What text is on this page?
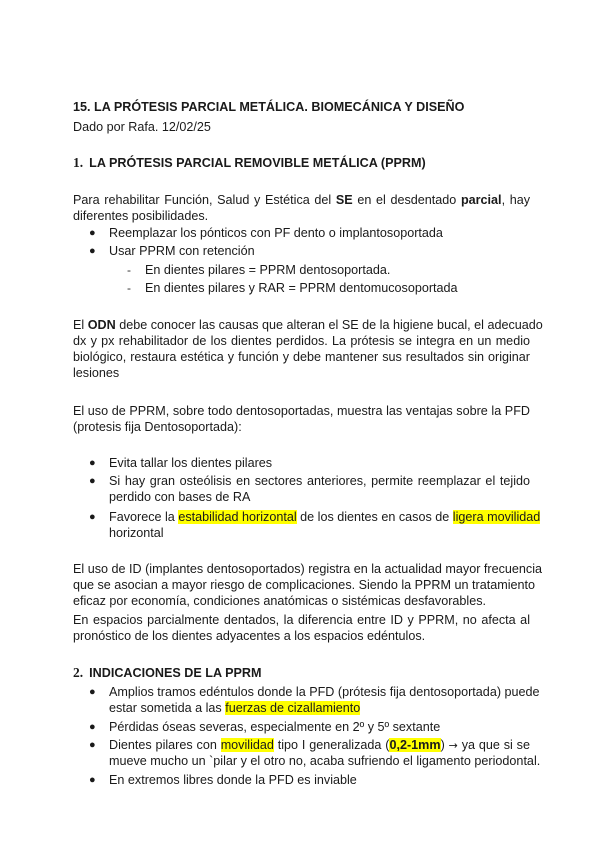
15. LA PRÓTESIS PARCIAL METÁLICA. BIOMECÁNICA Y DISEÑO
Dado por Rafa. 12/02/25
1. LA PRÓTESIS PARCIAL REMOVIBLE METÁLICA (PPRM)
Para rehabilitar Función, Salud y Estética del SE en el desdentado parcial, hay
diferentes posibilidades.
● Reemplazar los pónticos con PF dento o implantosoportada
● Usar PPRM con retención
- En dientes pilares = PPRM dentosoportada.
- En dientes pilares y RAR = PPRM dentomucosoportada
El ODN debe conocer las causas que alteran el SE de la higiene bucal, el adecuado
dx y px rehabilitador de los dientes perdidos. La prótesis se integra en un medio
biológico, restaura estética y función y debe mantener sus resultados sin originar
lesiones
El uso de PPRM, sobre todo dentosoportadas, muestra las ventajas sobre la PFD
(protesis fija Dentosoportada):
● Evita tallar los dientes pilares
● Si hay gran osteólisis en sectores anteriores, permite reemplazar el tejido
perdido con bases de RA
● Favorece la estabilidad horizontal de los dientes en casos de ligera movilidad
horizontal
El uso de ID (implantes dentosoportados) registra en la actualidad mayor frecuencia
que se asocian a mayor riesgo de complicaciones. Siendo la PPRM un tratamiento
eficaz por economía, condiciones anatómicas o sistémicas desfavorables.
En espacios parcialmente dentados, la diferencia entre ID y PPRM, no afecta al
pronóstico de los dientes adyacentes a los espacios edéntulos.
2. INDICACIONES DE LA PPRM
● Amplios tramos edéntulos donde la PFD (prótesis fija dentosoportada) puede
estar sometida a las fuerzas de cizallamiento
● Pérdidas óseas severas, especialmente en 2º y 5º sextante
● Dientes pilares con movilidad tipo I generalizada (0,2-1mm) → ya que si se
mueve mucho un `pilar y el otro no, acaba sufriendo el ligamento periodontal.
● En extremos libres donde la PFD es inviable
